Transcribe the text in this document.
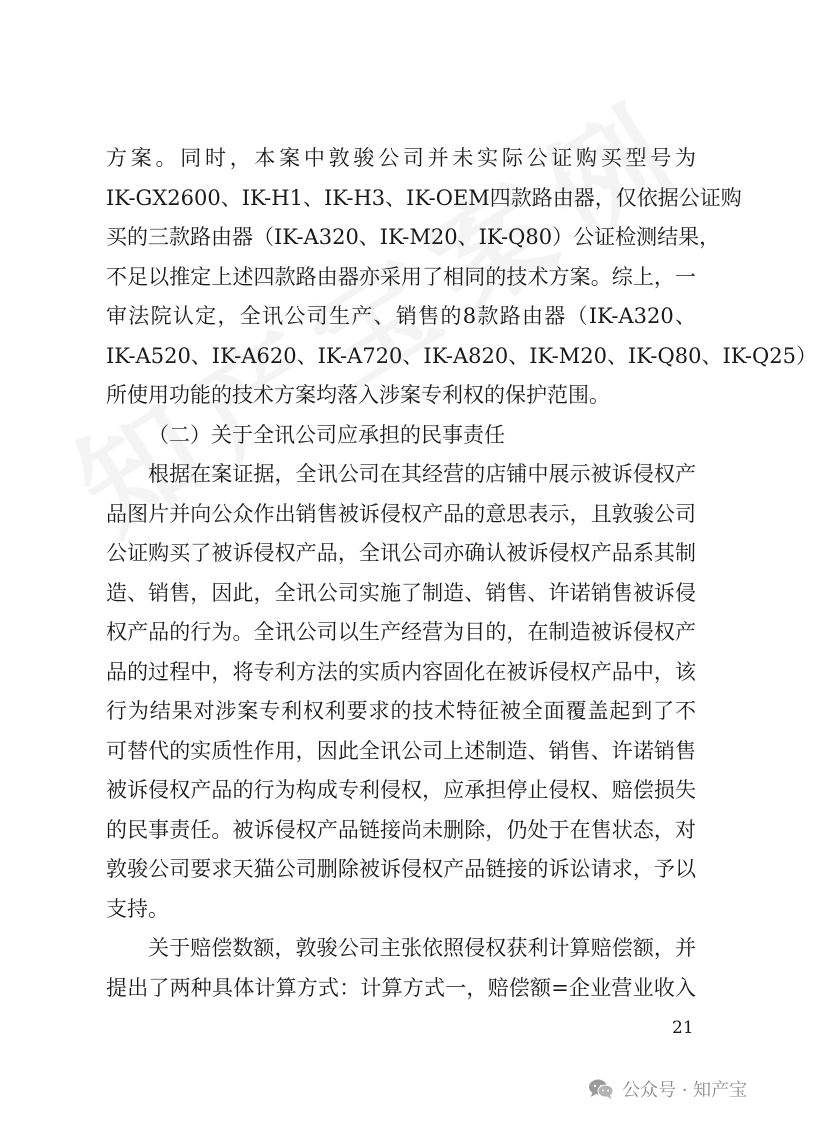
方案。同时，本案中敦骏公司并未实际公证购买型号为
IK-GX2600、IK-H1、IK-H3、IK-OEM四款路由器，仅依据公证购
买的三款路由器（IK-A320、IK-M20、IK-Q80）公证检测结果，
不足以推定上述四款路由器亦采用了相同的技术方案。综上，一
审法院认定，全讯公司生产、销售的8款路由器（IK-A320、
IK-A520、IK-A620、IK-A720、IK-A820、IK-M20、IK-Q80、IK-Q25）
所使用功能的技术方案均落入涉案专利权的保护范围。
（二）关于全讯公司应承担的民事责任
根据在案证据，全讯公司在其经营的店铺中展示被诉侵权产
品图片并向公众作出销售被诉侵权产品的意思表示，且敦骏公司
公证购买了被诉侵权产品，全讯公司亦确认被诉侵权产品系其制
造、销售，因此，全讯公司实施了制造、销售、许诺销售被诉侵
权产品的行为。全讯公司以生产经营为目的，在制造被诉侵权产
品的过程中，将专利方法的实质内容固化在被诉侵权产品中，该
行为结果对涉案专利权利要求的技术特征被全面覆盖起到了不
可替代的实质性作用，因此全讯公司上述制造、销售、许诺销售
被诉侵权产品的行为构成专利侵权，应承担停止侵权、赔偿损失
的民事责任。被诉侵权产品链接尚未删除，仍处于在售状态，对
敦骏公司要求天猫公司删除被诉侵权产品链接的诉讼请求，予以
支持。
关于赔偿数额，敦骏公司主张依照侵权获利计算赔偿额，并
提出了两种具体计算方式：计算方式一，赔偿额=企业营业收入
21
公众号 · 知产宝
